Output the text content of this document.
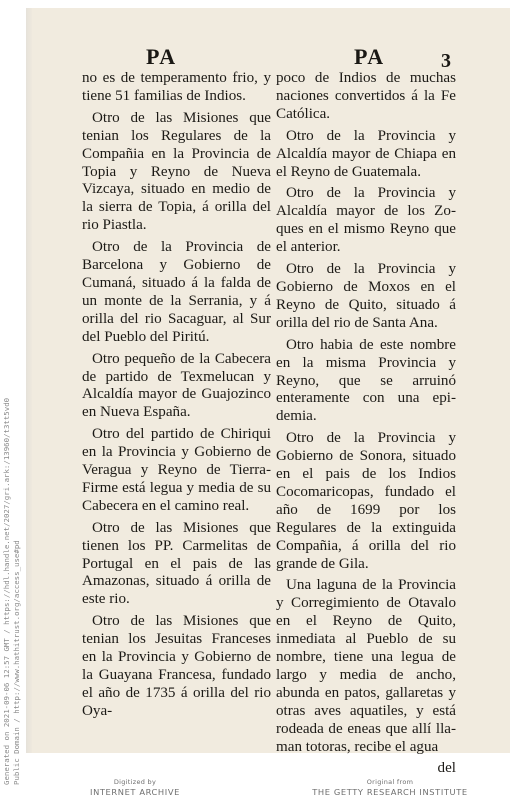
Generated on 2021-09-06 12:57 GMT / https://hdl.handle.net/2027/gri.ark:/13960/t3tt5vd0 Public Domain / http://www.hathitrust.org/access_use#pd
PA	PA	3

no es de temperamento frio, y tiene 51 familias de Indios.

Otro de las Misiones que tenian los Regulares de la Compañia en la Provincia de Topia y Reyno de Nueva Vizcaya, situado en medio de la sierra de Topia, á orilla del rio Piastla.

Otro de la Provincia de Barcelona y Gobierno de Cumaná, situado á la falda de un monte de la Serrania, y á orilla del rio Sacaguar, al Sur del Pueblo del Piritú.

Otro pequeño de la Cabecera de partido de Texmelucan y Alcaldía mayor de Guajozinco en Nueva España.

Otro del partido de Chiriqui en la Provincia y Gobierno de Veragua y Reyno de Tierra-Firme está legua y media de su Cabecera en el camino real.

Otro de las Misiones que tienen los PP. Carmelitas de Portugal en el pais de las Amazonas, situado á orilla de este rio.

Otro de las Misiones que tenian los Jesuitas Franceses en la Provincia y Gobierno de la Guayana Francesa, fundado el año de 1735 á orilla del rio Oya-

poco de Indios de muchas naciones convertidos á la Fe Católica.

Otro de la Provincia y Alcaldía mayor de Chiapa en el Reyno de Guatemala.

Otro de la Provincia y Alcaldía mayor de los Zoques en el mismo Reyno que el anterior.

Otro de la Provincia y Gobierno de Moxos en el Reyno de Quito, situado á orilla del rio de Santa Ana.

Otro habia de este nombre en la misma Provincia y Reyno, que se arruinó enteramente con una epidemia.

Otro de la Provincia y Gobierno de Sonora, situado en el pais de los Indios Cocomaricopas, fundado el año de 1699 por los Regulares de la extinguida Compañia, á orilla del rio grande de Gila.

Una laguna de la Provincia y Corregimiento de Otavalo en el Reyno de Quito, inmediata al Pueblo de su nombre, tiene una legua de largo y media de ancho, abunda en patos, gallaretas y otras aves aquatiles, y está rodeada de eneas que allí llaman totoras, recibe el agua

del

Digitized by
INTERNET ARCHIVE
Original from
THE GETTY RESEARCH INSTITUTE
